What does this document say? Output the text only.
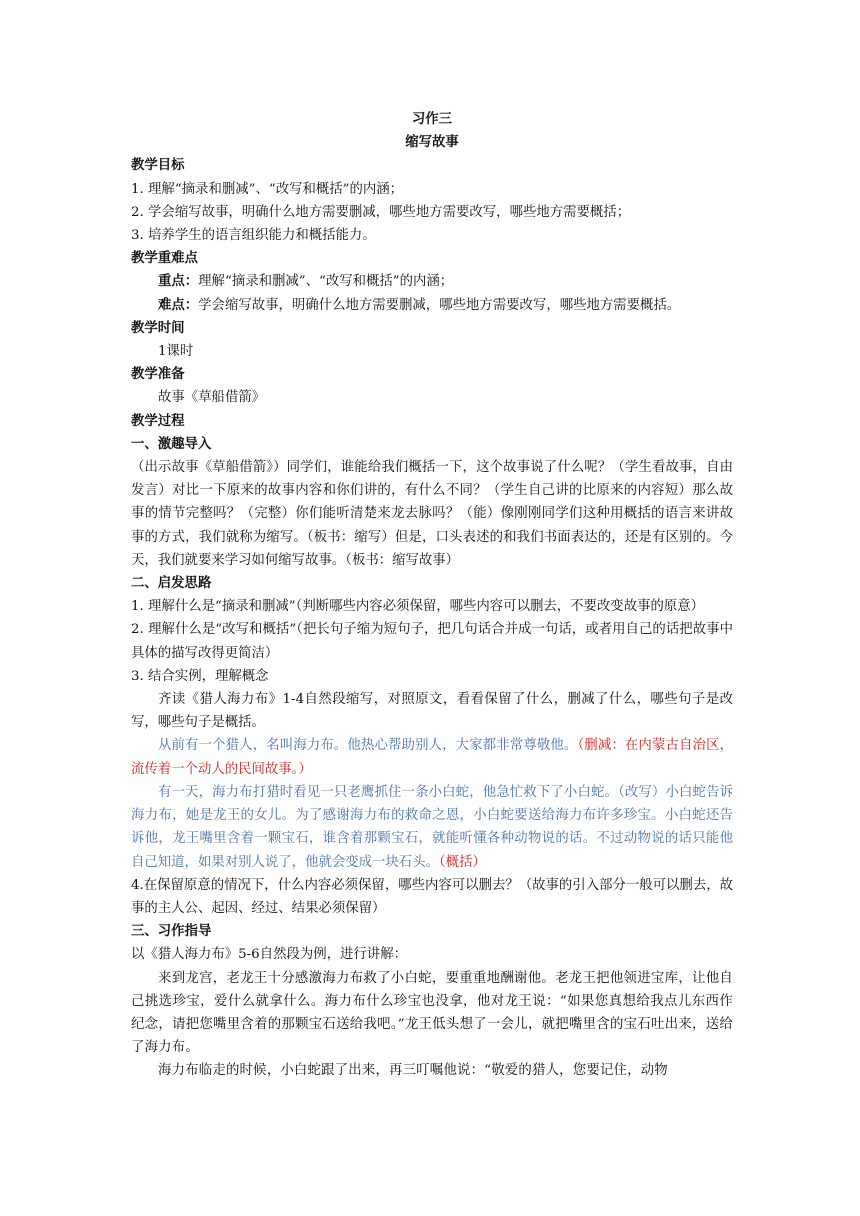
习作三
缩写故事
教学目标
1. 理解“摘录和删减”、“改写和概括”的内涵；
2. 学会缩写故事，明确什么地方需要删减，哪些地方需要改写，哪些地方需要概括；
3. 培养学生的语言组织能力和概括能力。
教学重难点
重点：理解“摘录和删减”、“改写和概括”的内涵；
难点：学会缩写故事，明确什么地方需要删减，哪些地方需要改写，哪些地方需要概括。
教学时间
1课时
教学准备
故事《草船借箭》
教学过程
一、激趣导入
（出示故事《草船借箭》）同学们，谁能给我们概括一下，这个故事说了什么呢？（学生看故事，自由发言）对比一下原来的故事内容和你们讲的，有什么不同？（学生自己讲的比原来的内容短）那么故事的情节完整吗？（完整）你们能听清楚来龙去脉吗？（能）像刚刚同学们这种用概括的语言来讲故事的方式，我们就称为缩写。（板书：缩写）但是，口头表述的和我们书面表达的，还是有区别的。今天，我们就要来学习如何缩写故事。（板书：缩写故事）
二、启发思路
1. 理解什么是“摘录和删减”（判断哪些内容必须保留，哪些内容可以删去，不要改变故事的原意）
2. 理解什么是“改写和概括”（把长句子缩为短句子，把几句话合并成一句话，或者用自己的话把故事中具体的描写改得更简洁）
3. 结合实例，理解概念
齐读《猎人海力布》1-4自然段缩写，对照原文，看看保留了什么，删减了什么，哪些句子是改写，哪些句子是概括。
从前有一个猎人，名叫海力布。他热心帮助别人，大家都非常尊敬他。（删减：在内蒙古自治区，流传着一个动人的民间故事。）
有一天，海力布打猎时看见一只老鹰抓住一条小白蛇，他急忙救下了小白蛇。（改写）小白蛇告诉海力布，她是龙王的女儿。为了感谢海力布的救命之恩，小白蛇要送给海力布许多珍宝。小白蛇还告诉他，龙王嘴里含着一颗宝石，谁含着那颗宝石，就能听懂各种动物说的话。不过动物说的话只能他自己知道，如果对别人说了，他就会变成一块石头。（概括）
4.在保留原意的情况下，什么内容必须保留，哪些内容可以删去？（故事的引入部分一般可以删去，故事的主人公、起因、经过、结果必须保留）
三、习作指导
以《猎人海力布》5-6自然段为例，进行讲解：
来到龙宫，老龙王十分感激海力布救了小白蛇，要重重地酬谢他。老龙王把他领进宝库，让他自己挑选珍宝，爱什么就拿什么。海力布什么珍宝也没拿，他对龙王说：“如果您真想给我点儿东西作纪念，请把您嘴里含着的那颗宝石送给我吧。”龙王低头想了一会儿，就把嘴里含的宝石吐出来，送给了海力布。
海力布临走的时候，小白蛇跟了出来，再三叮嘱他说：“敬爱的猎人，您要记住，动物
